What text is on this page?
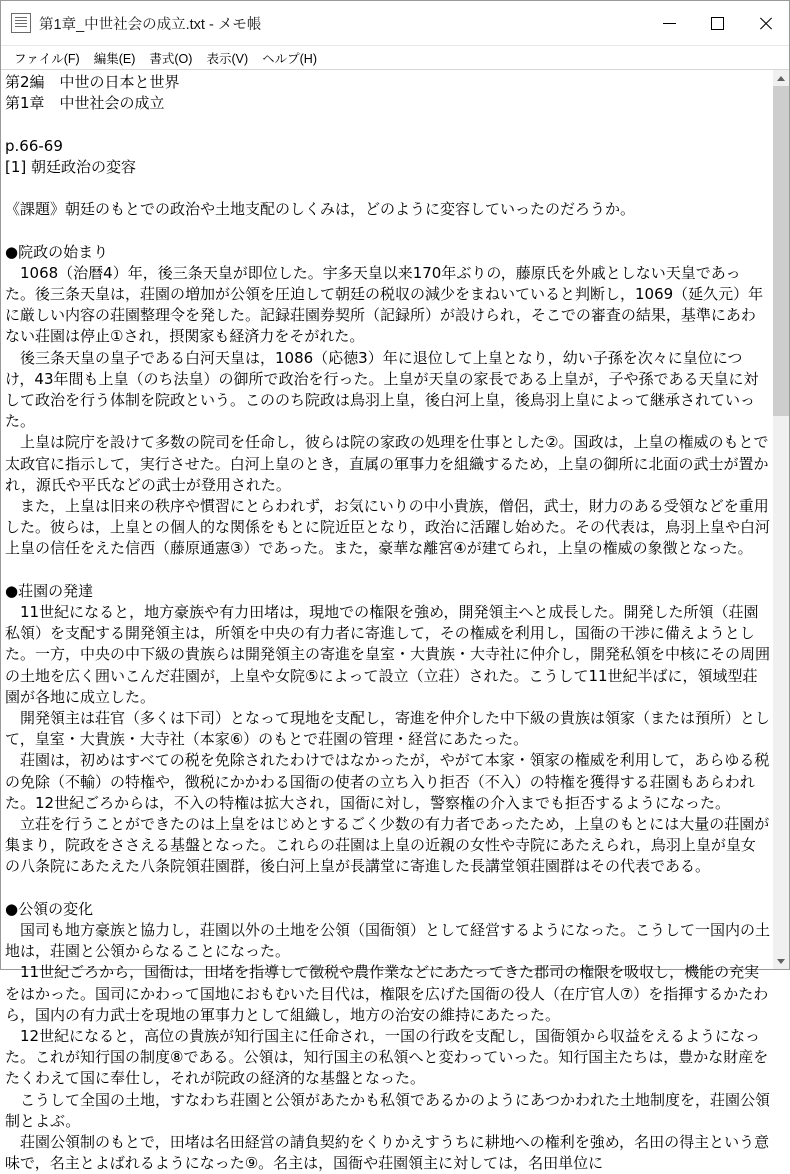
第1章_中世社会の成立.txt - メモ帳
ファイル(F)	編集(E)	書式(O)	表示(V)	ヘルプ(H)
第2編　中世の日本と世界
第1章　中世社会の成立
p.66-69
[1] 朝廷政治の変容
《課題》朝廷のもとでの政治や土地支配のしくみは，どのように変容していったのだろうか。
●院政の始まり
　1068（治暦4）年，後三条天皇が即位した。宇多天皇以来170年ぶりの，藤原氏を外戚としない天皇であった。後三条天皇は，荘園の増加が公領を圧迫して朝廷の税収の減少をまねいていると判断し，1069（延久元）年に厳しい内容の荘園整理令を発した。記録荘園券契所（記録所）が設けられ，そこでの審査の結果，基準にあわない荘園は停止①され，摂関家も経済力をそがれた。
　後三条天皇の皇子である白河天皇は，1086（応徳3）年に退位して上皇となり，幼い子孫を次々に皇位につけ，43年間も上皇（のち法皇）の御所で政治を行った。上皇が天皇の家長である上皇が，子や孫である天皇に対して政治を行う体制を院政という。こののち院政は鳥羽上皇，後白河上皇，後鳥羽上皇によって継承されていった。
　上皇は院庁を設けて多数の院司を任命し，彼らは院の家政の処理を仕事とした②。国政は，上皇の権威のもとで太政官に指示して，実行させた。白河上皇のとき，直属の軍事力を組織するため，上皇の御所に北面の武士が置かれ，源氏や平氏などの武士が登用された。
　また，上皇は旧来の秩序や慣習にとらわれず，お気にいりの中小貴族，僧侶，武士，財力のある受領などを重用した。彼らは，上皇との個人的な関係をもとに院近臣となり，政治に活躍し始めた。その代表は，鳥羽上皇や白河上皇の信任をえた信西（藤原通憲③）であった。また，豪華な離宮④が建てられ，上皇の権威の象徴となった。
●荘園の発達
　11世紀になると，地方豪族や有力田堵は，現地での権限を強め，開発領主へと成長した。開発した所領（荘園私領）を支配する開発領主は，所領を中央の有力者に寄進して，その権威を利用し，国衙の干渉に備えようとした。一方，中央の中下級の貴族らは開発領主の寄進を皇室・大貴族・大寺社に仲介し，開発私領を中核にその周囲の土地を広く囲いこんだ荘園が，上皇や女院⑤によって設立（立荘）された。こうして11世紀半ばに，領域型荘園が各地に成立した。
　開発領主は荘官（多くは下司）となって現地を支配し，寄進を仲介した中下級の貴族は領家（または預所）として，皇室・大貴族・大寺社（本家⑥）のもとで荘園の管理・経営にあたった。
　荘園は，初めはすべての税を免除されたわけではなかったが，やがて本家・領家の権威を利用して，あらゆる税の免除（不輸）の特権や，徴税にかかわる国衙の使者の立ち入り拒否（不入）の特権を獲得する荘園もあらわれた。12世紀ごろからは，不入の特権は拡大され，国衙に対し，警察権の介入までも拒否するようになった。
　立荘を行うことができたのは上皇をはじめとするごく少数の有力者であったため，上皇のもとには大量の荘園が集まり，院政をささえる基盤となった。これらの荘園は上皇の近親の女性や寺院にあたえられ，鳥羽上皇が皇女の八条院にあたえた八条院領荘園群，後白河上皇が長講堂に寄進した長講堂領荘園群はその代表である。
●公領の変化
　国司も地方豪族と協力し，荘園以外の土地を公領（国衙領）として経営するようになった。こうして一国内の土地は，荘園と公領からなることになった。
　11世紀ごろから，国衙は，田堵を指導して徴税や農作業などにあたってきた郡司の権限を吸収し，機能の充実をはかった。国司にかわって国地におもむいた目代は，権限を広げた国衙の役人（在庁官人⑦）を指揮するかたわら，国内の有力武士を現地の軍事力として組織し，地方の治安の維持にあたった。
　12世紀になると，高位の貴族が知行国主に任命され，一国の行政を支配し，国衙領から収益をえるようになった。これが知行国の制度⑧である。公領は，知行国主の私領へと変わっていった。知行国主たちは，豊かな財産をたくわえて国に奉仕し，それが院政の経済的な基盤となった。
　こうして全国の土地，すなわち荘園と公領があたかも私領であるかのようにあつかわれた土地制度を，荘園公領制とよぶ。
　荘園公領制のもとで，田堵は名田経営の請負契約をくりかえすうちに耕地への権利を強め，名田の得主という意味で，名主とよばれるようになった⑨。名主は，国衙や荘園領主に対しては，名田単位に
